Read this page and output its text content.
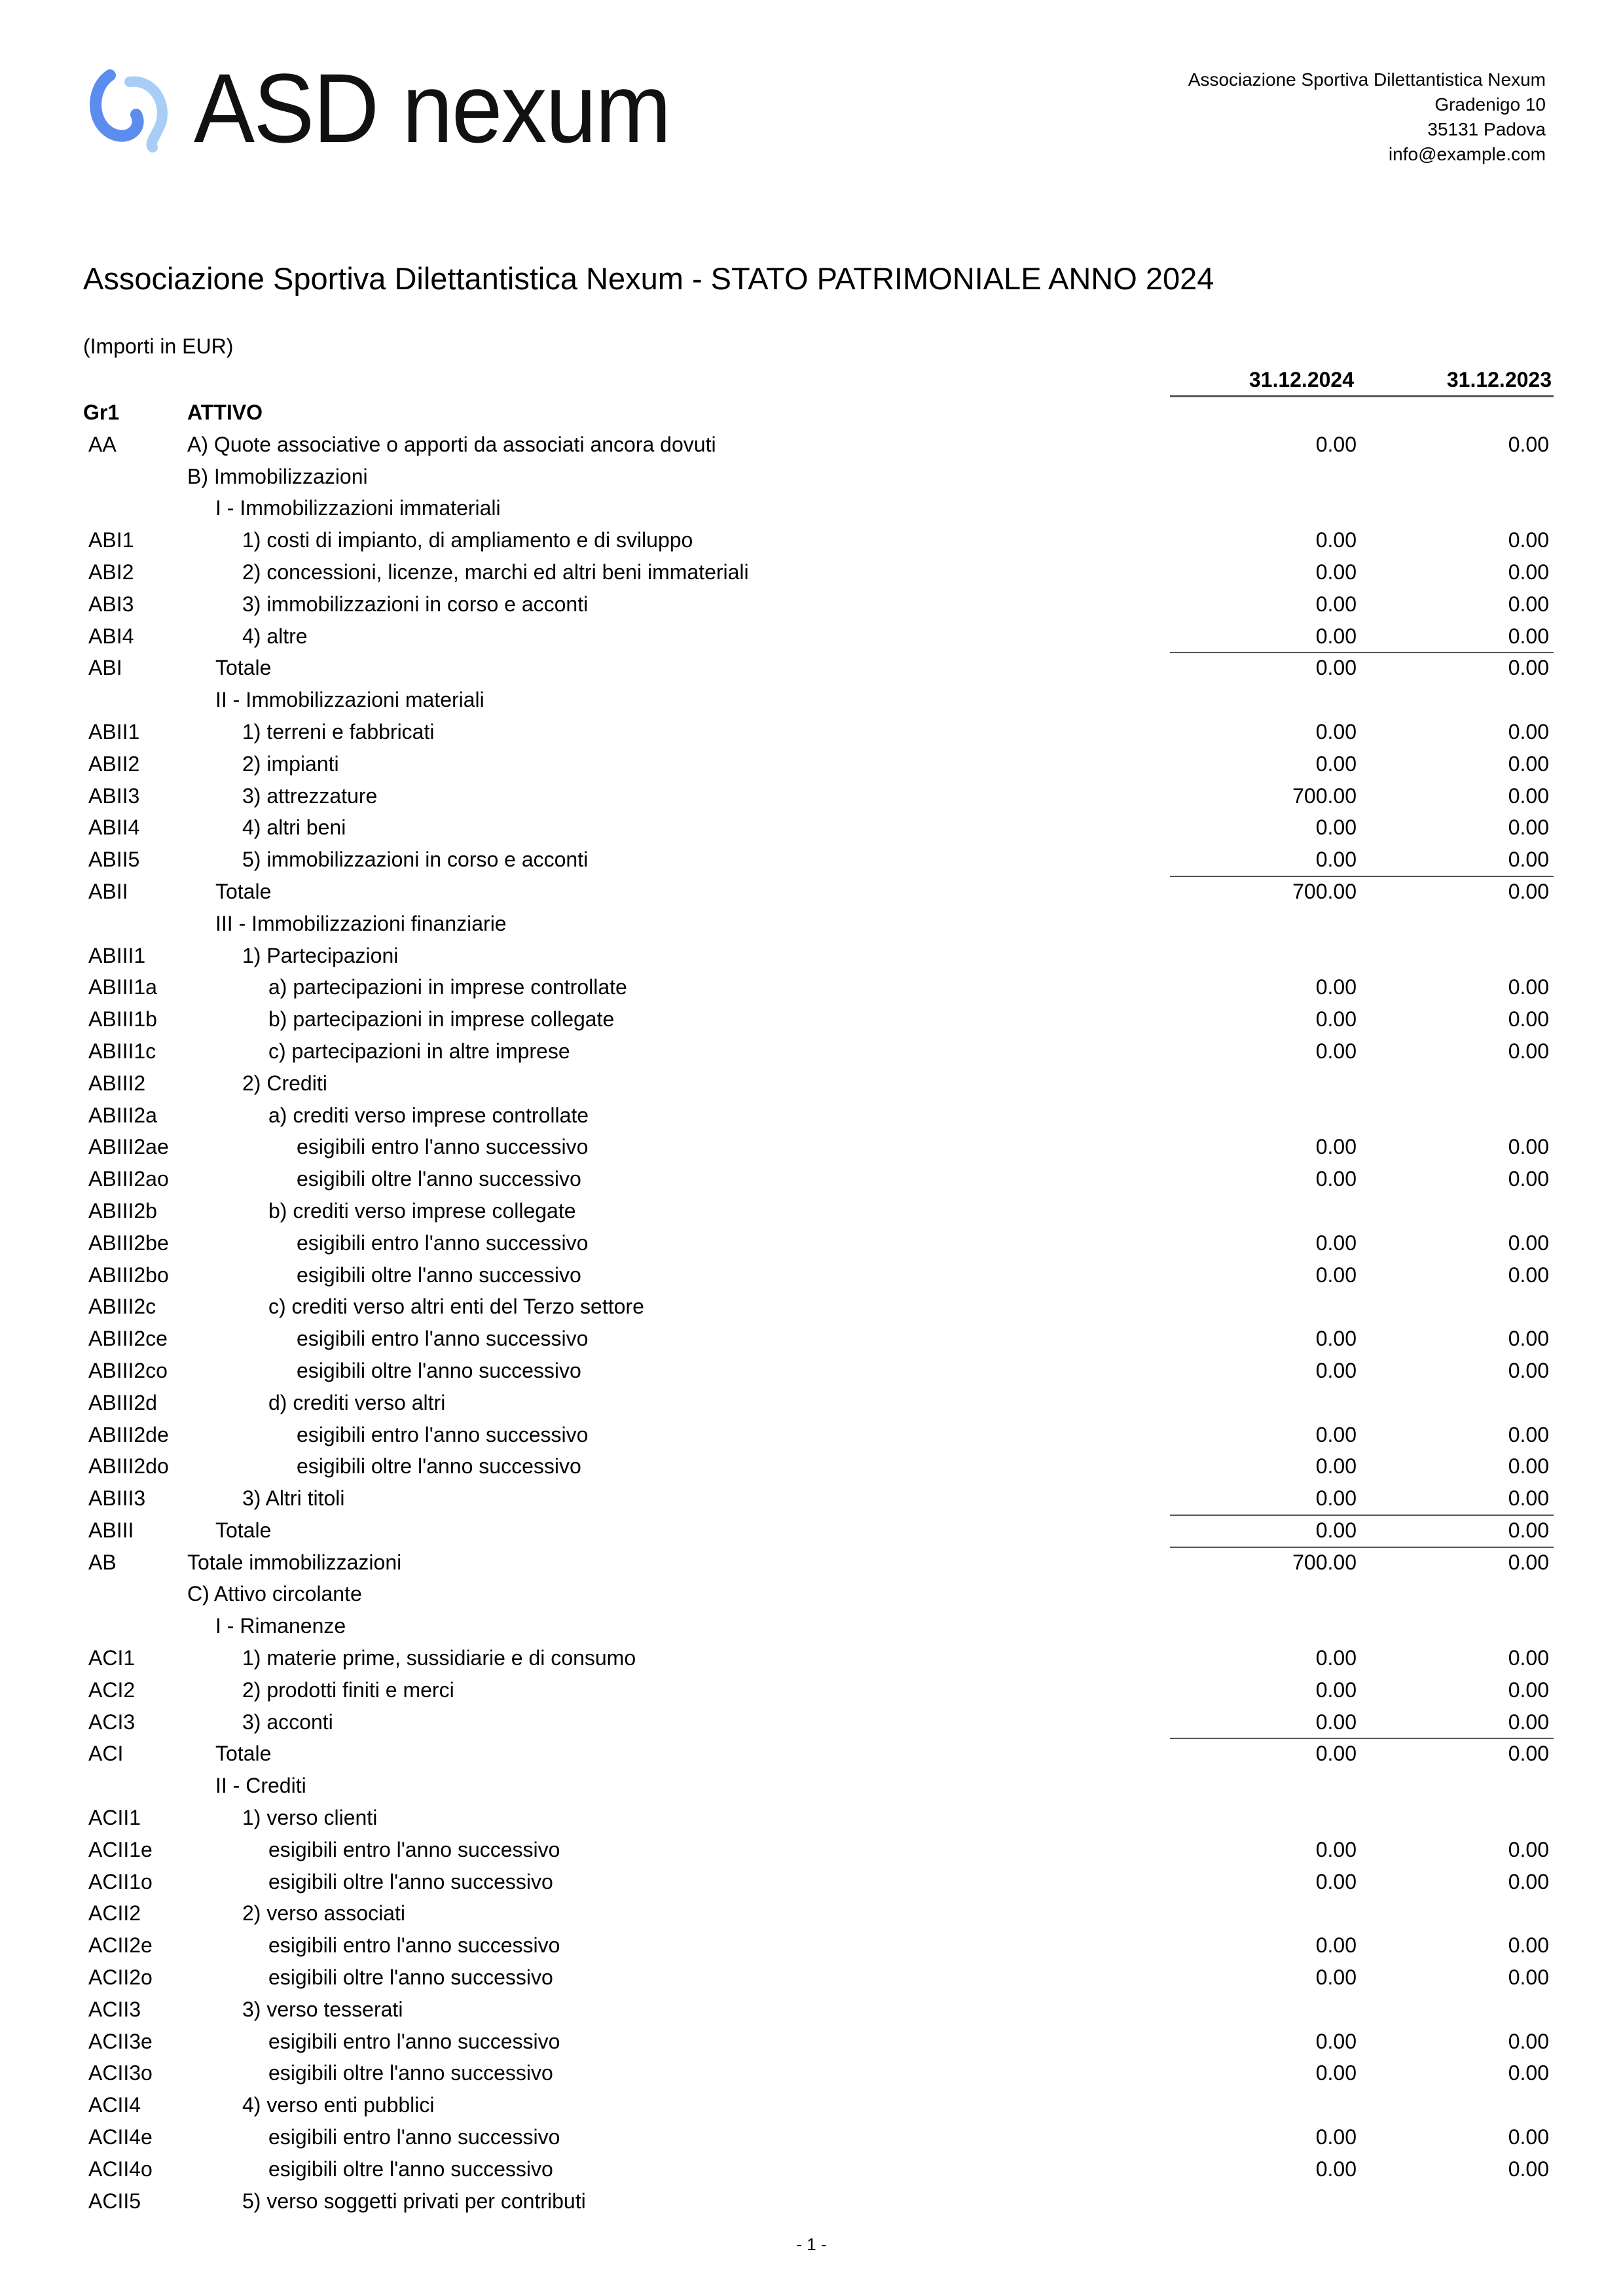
ASD nexum	Associazione Sportiva Dilettantistica Nexum
Gradenigo 10
35131 Padova
info@example.com
Associazione Sportiva Dilettantistica Nexum - STATO PATRIMONIALE ANNO 2024
(Importi in EUR)
31.12.2024	31.12.2023
Gr1	ATTIVO
AA	A) Quote associative o apporti da associati ancora dovuti	0.00	0.00
B) Immobilizzazioni
I - Immobilizzazioni immateriali
ABI1	1) costi di impianto, di ampliamento e di sviluppo	0.00	0.00
ABI2	2) concessioni, licenze, marchi ed altri beni immateriali	0.00	0.00
ABI3	3) immobilizzazioni in corso e acconti	0.00	0.00
ABI4	4) altre	0.00	0.00
ABI	Totale	0.00	0.00
II - Immobilizzazioni materiali
ABII1	1) terreni e fabbricati	0.00	0.00
ABII2	2) impianti	0.00	0.00
ABII3	3) attrezzature	700.00	0.00
ABII4	4) altri beni	0.00	0.00
ABII5	5) immobilizzazioni in corso e acconti	0.00	0.00
ABII	Totale	700.00	0.00
III - Immobilizzazioni finanziarie
ABIII1	1) Partecipazioni
ABIII1a	a) partecipazioni in imprese controllate	0.00	0.00
ABIII1b	b) partecipazioni in imprese collegate	0.00	0.00
ABIII1c	c) partecipazioni in altre imprese	0.00	0.00
ABIII2	2) Crediti
ABIII2a	a) crediti verso imprese controllate
ABIII2ae	esigibili entro l'anno successivo	0.00	0.00
ABIII2ao	esigibili oltre l'anno successivo	0.00	0.00
ABIII2b	b) crediti verso imprese collegate
ABIII2be	esigibili entro l'anno successivo	0.00	0.00
ABIII2bo	esigibili oltre l'anno successivo	0.00	0.00
ABIII2c	c) crediti verso altri enti del Terzo settore
ABIII2ce	esigibili entro l'anno successivo	0.00	0.00
ABIII2co	esigibili oltre l'anno successivo	0.00	0.00
ABIII2d	d) crediti verso altri
ABIII2de	esigibili entro l'anno successivo	0.00	0.00
ABIII2do	esigibili oltre l'anno successivo	0.00	0.00
ABIII3	3) Altri titoli	0.00	0.00
ABIII	Totale	0.00	0.00
AB	Totale immobilizzazioni	700.00	0.00
C) Attivo circolante
I - Rimanenze
ACI1	1) materie prime, sussidiarie e di consumo	0.00	0.00
ACI2	2) prodotti finiti e merci	0.00	0.00
ACI3	3) acconti	0.00	0.00
ACI	Totale	0.00	0.00
II - Crediti
ACII1	1) verso clienti
ACII1e	esigibili entro l'anno successivo	0.00	0.00
ACII1o	esigibili oltre l'anno successivo	0.00	0.00
ACII2	2) verso associati
ACII2e	esigibili entro l'anno successivo	0.00	0.00
ACII2o	esigibili oltre l'anno successivo	0.00	0.00
ACII3	3) verso tesserati
ACII3e	esigibili entro l'anno successivo	0.00	0.00
ACII3o	esigibili oltre l'anno successivo	0.00	0.00
ACII4	4) verso enti pubblici
ACII4e	esigibili entro l'anno successivo	0.00	0.00
ACII4o	esigibili oltre l'anno successivo	0.00	0.00
ACII5	5) verso soggetti privati per contributi
- 1 -
